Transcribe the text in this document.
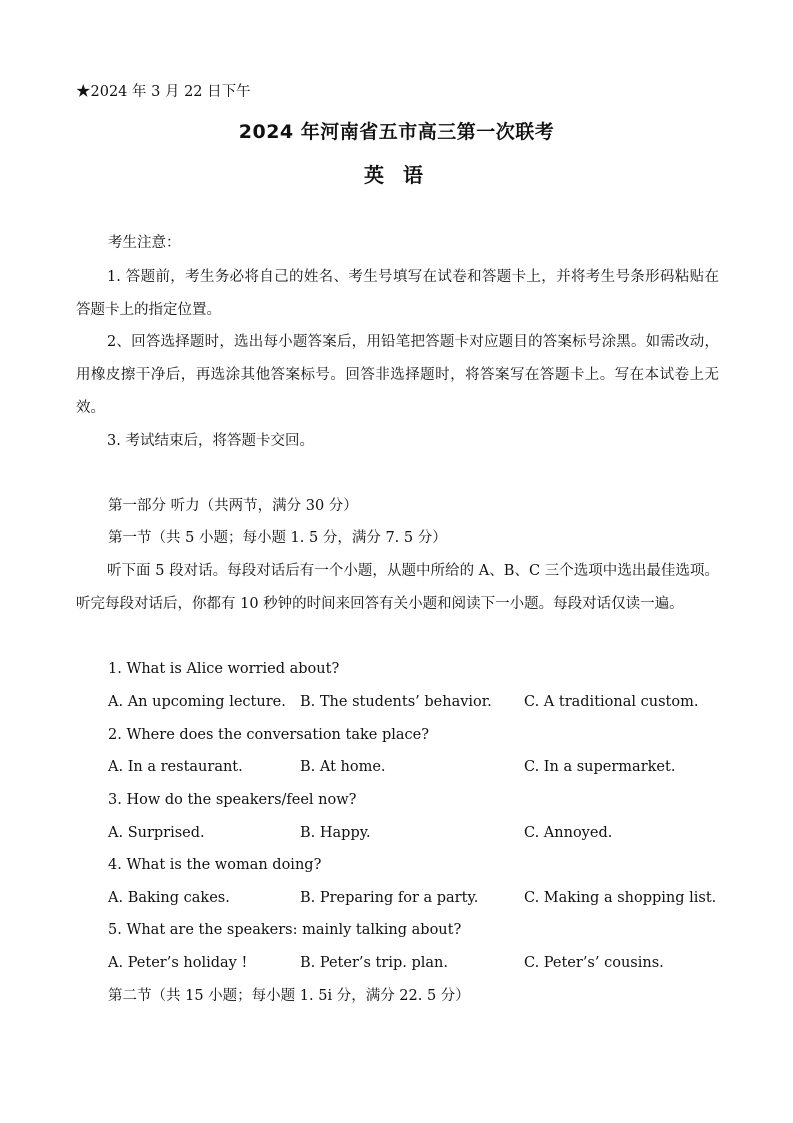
★2024 年 3 月 22 日下午
2024 年河南省五市高三第一次联考
英 语
考生注意：
1. 答题前，考生务必将自己的姓名、考生号填写在试卷和答题卡上，并将考生号条形码粘贴在答题卡上的指定位置。
2、回答选择题时，选出每小题答案后，用铅笔把答题卡对应题目的答案标号涂黑。如需改动，用橡皮擦干净后，再选涂其他答案标号。回答非选择题时，将答案写在答题卡上。写在本试卷上无效。
3. 考试结束后，将答题卡交回。
第一部分 听力（共两节，满分 30 分）
第一节（共 5 小题；每小题 1. 5 分，满分 7. 5 分）
听下面 5 段对话。每段对话后有一个小题，从题中所给的 A、B、C 三个选项中选出最佳选项。听完每段对话后，你都有 10 秒钟的时间来回答有关小题和阅读下一小题。每段对话仅读一遍。
1. What is Alice worried about?
A. An upcoming lecture. B. The students’ behavior. C. A traditional custom.
2. Where does the conversation take place?
A. In a restaurant.	B. At home.	C. In a supermarket.
3. How do the speakers/feel now?
A. Surprised.	B. Happy.	C. Annoyed.
4. What is the woman doing?
A. Baking cakes.	B. Preparing for a party.	C. Making a shopping list.
5. What are the speakers: mainly talking about?
A. Peter’s holiday !	B. Peter’s trip. plan.	C. Peter’s’ cousins.
第二节（共 15 小题；每小题 1. 5i 分，满分 22. 5 分）
